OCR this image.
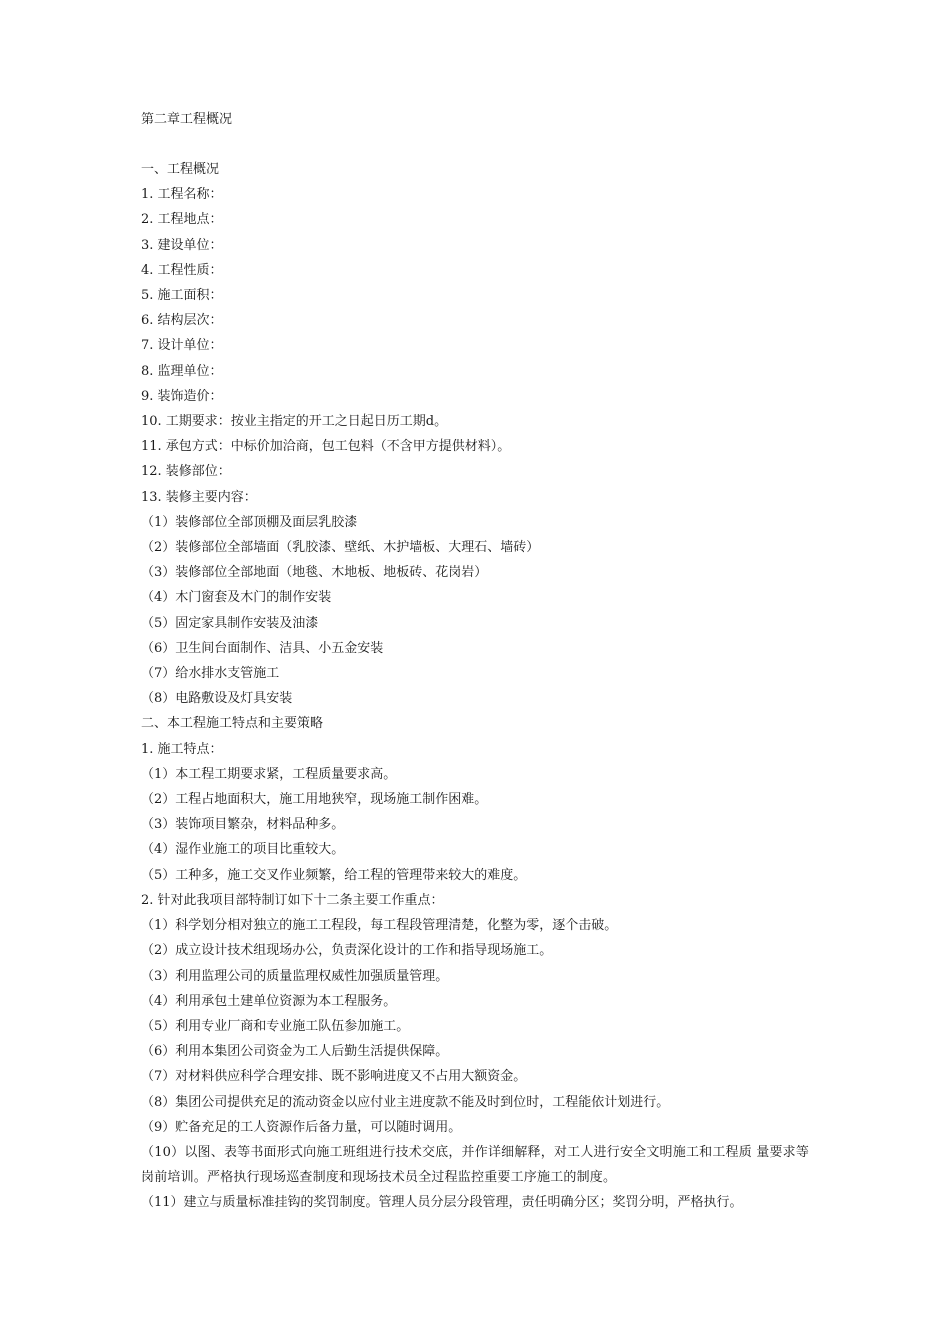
第二章工程概况
一、工程概况
1. 工程名称：
2. 工程地点：
3. 建设单位：
4. 工程性质：
5. 施工面积：
6. 结构层次：
7. 设计单位：
8. 监理单位：
9. 装饰造价：
10. 工期要求：按业主指定的开工之日起日历工期d。
11. 承包方式：中标价加洽商，包工包料（不含甲方提供材料）。
12. 装修部位：
13. 装修主要内容：
（1）装修部位全部顶棚及面层乳胶漆
（2）装修部位全部墙面（乳胶漆、壁纸、木护墙板、大理石、墙砖）
（3）装修部位全部地面（地毯、木地板、地板砖、花岗岩）
（4）木门窗套及木门的制作安装
（5）固定家具制作安装及油漆
（6）卫生间台面制作、洁具、小五金安装
（7）给水排水支管施工
（8）电路敷设及灯具安装
二、本工程施工特点和主要策略
1. 施工特点：
（1）本工程工期要求紧，工程质量要求高。
（2）工程占地面积大，施工用地狭窄，现场施工制作困难。
（3）装饰项目繁杂，材料品种多。
（4）湿作业施工的项目比重较大。
（5）工种多，施工交叉作业频繁，给工程的管理带来较大的难度。
2. 针对此我项目部特制订如下十二条主要工作重点：
（1）科学划分相对独立的施工工程段，每工程段管理清楚，化整为零，逐个击破。
（2）成立设计技术组现场办公，负责深化设计的工作和指导现场施工。
（3）利用监理公司的质量监理权威性加强质量管理。
（4）利用承包土建单位资源为本工程服务。
（5）利用专业厂商和专业施工队伍参加施工。
（6）利用本集团公司资金为工人后勤生活提供保障。
（7）对材料供应科学合理安排、既不影响进度又不占用大额资金。
（8）集团公司提供充足的流动资金以应付业主进度款不能及时到位时，工程能依计划进行。
（9）贮备充足的工人资源作后备力量，可以随时调用。
（10）以图、表等书面形式向施工班组进行技术交底，并作详细解释，对工人进行安全文明施工和工程质 量要求等岗前培训。严格执行现场巡查制度和现场技术员全过程监控重要工序施工的制度。
（11）建立与质量标准挂钩的奖罚制度。管理人员分层分段管理，责任明确分区；奖罚分明，严格执行。
